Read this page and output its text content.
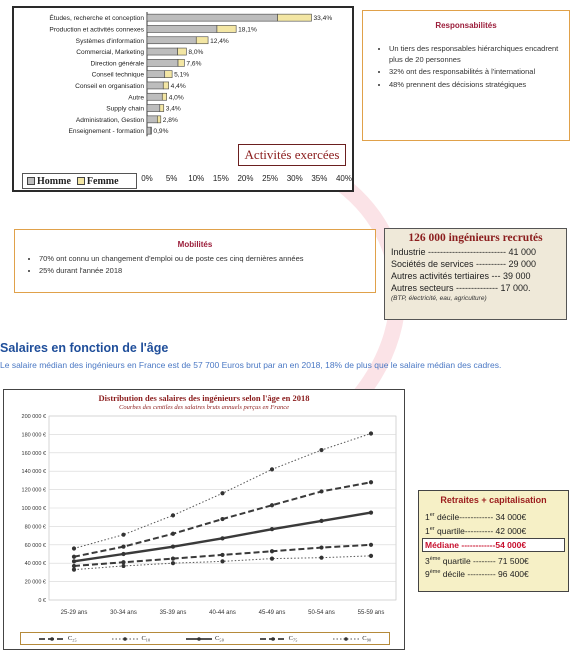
Études, recherche et conception	33,4%
Production et activités connexes	18,1%
Systèmes d'information	12,4%
Commercial, Marketing	8,0%
Direction générale	7,6%
Conseil technique	5,1%
Conseil en organisation	4,4%
Autre	4,0%
Supply chain	3,4%
Administration, Gestion	2,8%
Enseignement - formation 0,9%
0% 5% 10% 15% 20% 25% 30% 35% 40%
Activités exercées
Homme	Femme
Responsabilités
• Un tiers des responsables hiérarchiques encadrent plus de 20 personnes
• 32% ont des responsabilités à l'international
• 48% prennent des décisions stratégiques
Mobilités
• 70% ont connu un changement d'emploi ou de poste ces cinq dernières années
• 25% durant l'année 2018
126 000 ingénieurs recrutés
Industrie -------------------------- 41 000
Sociétés de services ---------- 29 000
Autres activités tertiaires --- 39 000
Autres secteurs -------------- 17 000.
(BTP, électricité, eau, agriculture)
Salaires en fonction de l'âge
Le salaire médian des ingénieurs en France est de 57 700 Euros brut par an en 2018, 18% de plus que le salaire médian des cadres.
0 €
20 000 €
40 000 €
60 000 €
80 000 €
100 000 €
120 000 €
140 000 €
160 000 €
180 000 €
200 000 €
25-29 ans	30-34 ans	35-39 ans	40-44 ans	45-49 ans	50-54 ans	55-59 ans
Distribution des salaires des ingénieurs selon l'âge en 2018
Courbes des centiles des salaires bruts annuels perçus en France
C₂₅	C₁₀	C₅₀	C₇₅	C₉₀
Retraites + capitalisation
1er décile------------ 34 000€
1er quartile---------- 42 000€
Médiane ------------54 000€
3ème quartile -------- 71 500€
9ème décile ---------- 96 400€
